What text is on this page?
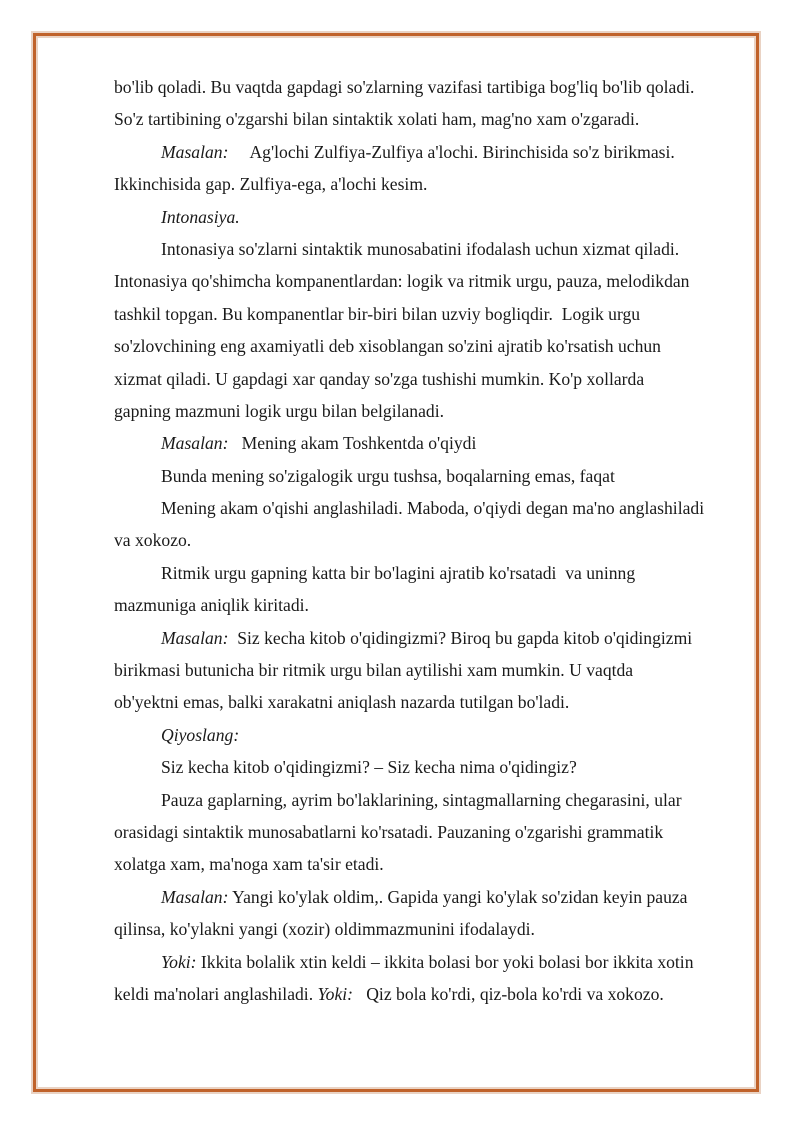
bo'lib qoladi. Bu vaqtda gapdagi so'zlarning vazifasi tartibiga bog'liq bo'lib qoladi.
So'z tartibining o'zgarshi bilan sintaktik xolati ham, mag'no xam o'zgaradi.
Masalan:     Ag'lochi Zulfiya-Zulfiya a'lochi. Birinchisida so'z birikmasi.
Ikkinchisida gap. Zulfiya-ega, a'lochi kesim.
Intonasiya.
Intonasiya so'zlarni sintaktik munosabatini ifodalash uchun xizmat qiladi.
Intonasiya qo'shimcha kompanentlardan: logik va ritmik urgu, pauza, melodikdan
tashkil topgan. Bu kompanentlar bir-biri bilan uzviy bogliqdir.  Logik urgu
so'zlovchining eng axamiyatli deb xisoblangan so'zini ajratib ko'rsatish uchun
xizmat qiladi. U gapdagi xar qanday so'zga tushishi mumkin. Ko'p xollarda
gapning mazmuni logik urgu bilan belgilanadi.
Masalan:   Mening akam Toshkentda o'qiydi
Bunda mening so'zigalogik urgu tushsa, boqalarning emas, faqat
Mening akam o'qishi anglashiladi. Maboda, o'qiydi degan ma'no anglashiladi
va xokozo.
Ritmik urgu gapning katta bir bo'lagini ajratib ko'rsatadi  va uninng
mazmuniga aniqlik kiritadi.
Masalan:  Siz kecha kitob o'qidingizmi? Biroq bu gapda kitob o'qidingizmi
birikmasi butunicha bir ritmik urgu bilan aytilishi xam mumkin. U vaqtda
ob'yektni emas, balki xarakatni aniqlash nazarda tutilgan bo'ladi.
Qiyoslang:
Siz kecha kitob o'qidingizmi? – Siz kecha nima o'qidingiz?
Pauza gaplarning, ayrim bo'laklarining, sintagmallarning chegarasini, ular
orasidagi sintaktik munosabatlarni ko'rsatadi. Pauzaning o'zgarishi grammatik
xolatga xam, ma'noga xam ta'sir etadi.
Masalan: Yangi ko'ylak oldim,. Gapida yangi ko'ylak so'zidan keyin pauza
qilinsa, ko'ylakni yangi (xozir) oldimmazmunini ifodalaydi.
Yoki: Ikkita bolalik xtin keldi – ikkita bolasi bor yoki bolasi bor ikkita xotin
keldi ma'nolari anglashiladi. Yoki:   Qiz bola ko'rdi, qiz-bola ko'rdi va xokozo.
